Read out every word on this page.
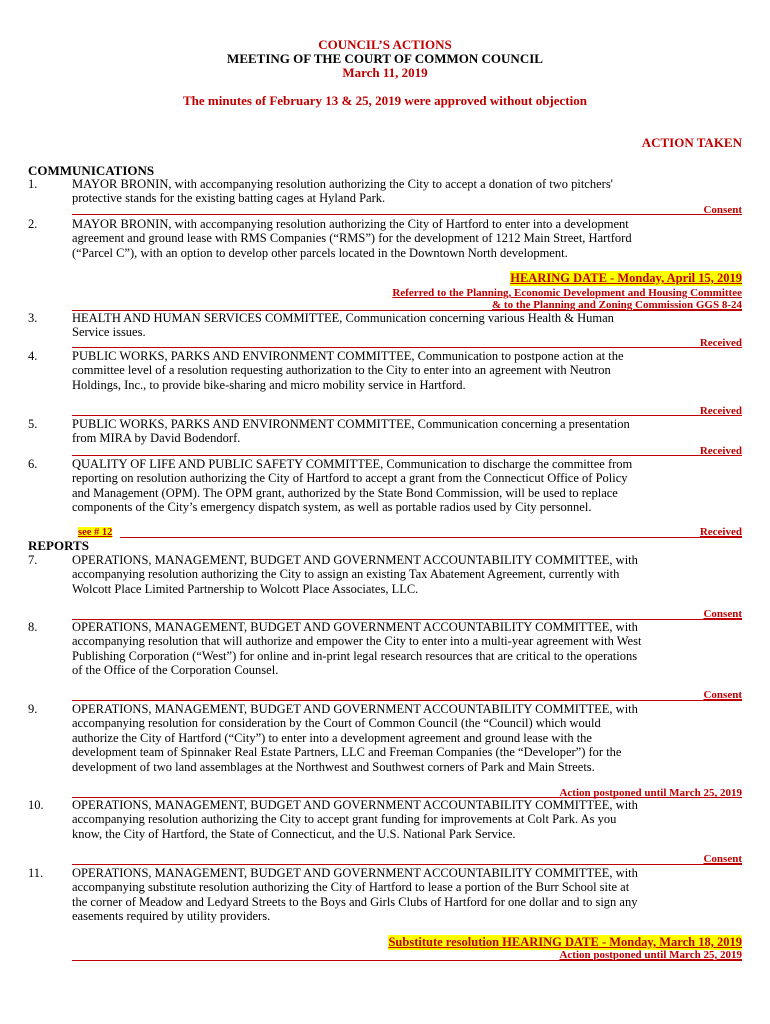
COUNCIL’S ACTIONS
MEETING OF THE COURT OF COMMON COUNCIL
March 11, 2019
The minutes of February 13 & 25, 2019 were approved without objection
ACTION TAKEN
COMMUNICATIONS
1.	MAYOR BRONIN, with accompanying resolution authorizing the City to accept a donation of two pitchers' protective stands for the existing batting cages at Hyland Park.
Consent
2.	MAYOR BRONIN, with accompanying resolution authorizing the City of Hartford to enter into a development agreement and ground lease with RMS Companies (“RMS”) for the development of 1212 Main Street, Hartford (“Parcel C”), with an option to develop other parcels located in the Downtown North development.
HEARING DATE - Monday, April 15, 2019
Referred to the Planning, Economic Development and Housing Committee
& to the Planning and Zoning Commission GGS 8-24
3.	HEALTH AND HUMAN SERVICES COMMITTEE, Communication concerning various Health & Human Service issues.
Received
4.	PUBLIC WORKS, PARKS AND ENVIRONMENT COMMITTEE, Communication to postpone action at the committee level of a resolution requesting authorization to the City to enter into an agreement with Neutron Holdings, Inc., to provide bike-sharing and micro mobility service in Hartford.
Received
5.	PUBLIC WORKS, PARKS AND ENVIRONMENT COMMITTEE, Communication concerning a presentation from MIRA by David Bodendorf.
Received
6.	QUALITY OF LIFE AND PUBLIC SAFETY COMMITTEE, Communication to discharge the committee from reporting on resolution authorizing the City of Hartford to accept a grant from the Connecticut Office of Policy and Management (OPM). The OPM grant, authorized by the State Bond Commission, will be used to replace components of the City’s emergency dispatch system, as well as portable radios used by City personnel.
see # 12	Received
REPORTS
7.	OPERATIONS, MANAGEMENT, BUDGET AND GOVERNMENT ACCOUNTABILITY COMMITTEE, with accompanying resolution authorizing the City to assign an existing Tax Abatement Agreement, currently with Wolcott Place Limited Partnership to Wolcott Place Associates, LLC.
Consent
8.	OPERATIONS, MANAGEMENT, BUDGET AND GOVERNMENT ACCOUNTABILITY COMMITTEE, with accompanying resolution that will authorize and empower the City to enter into a multi-year agreement with West Publishing Corporation (“West”) for online and in-print legal research resources that are critical to the operations of the Office of the Corporation Counsel.
Consent
9.	OPERATIONS, MANAGEMENT, BUDGET AND GOVERNMENT ACCOUNTABILITY COMMITTEE, with accompanying resolution for consideration by the Court of Common Council (the “Council) which would authorize the City of Hartford (“City”) to enter into a development agreement and ground lease with the development team of Spinnaker Real Estate Partners, LLC and Freeman Companies (the “Developer”) for the development of two land assemblages at the Northwest and Southwest corners of Park and Main Streets.
Action postponed until March 25, 2019
10. OPERATIONS, MANAGEMENT, BUDGET AND GOVERNMENT ACCOUNTABILITY COMMITTEE, with accompanying resolution authorizing the City to accept grant funding for improvements at Colt Park. As you know, the City of Hartford, the State of Connecticut, and the U.S. National Park Service.
Consent
11. OPERATIONS, MANAGEMENT, BUDGET AND GOVERNMENT ACCOUNTABILITY COMMITTEE, with accompanying substitute resolution authorizing the City of Hartford to lease a portion of the Burr School site at the corner of Meadow and Ledyard Streets to the Boys and Girls Clubs of Hartford for one dollar and to sign any easements required by utility providers.
Substitute resolution HEARING DATE - Monday, March 18, 2019
Action postponed until March 25, 2019
